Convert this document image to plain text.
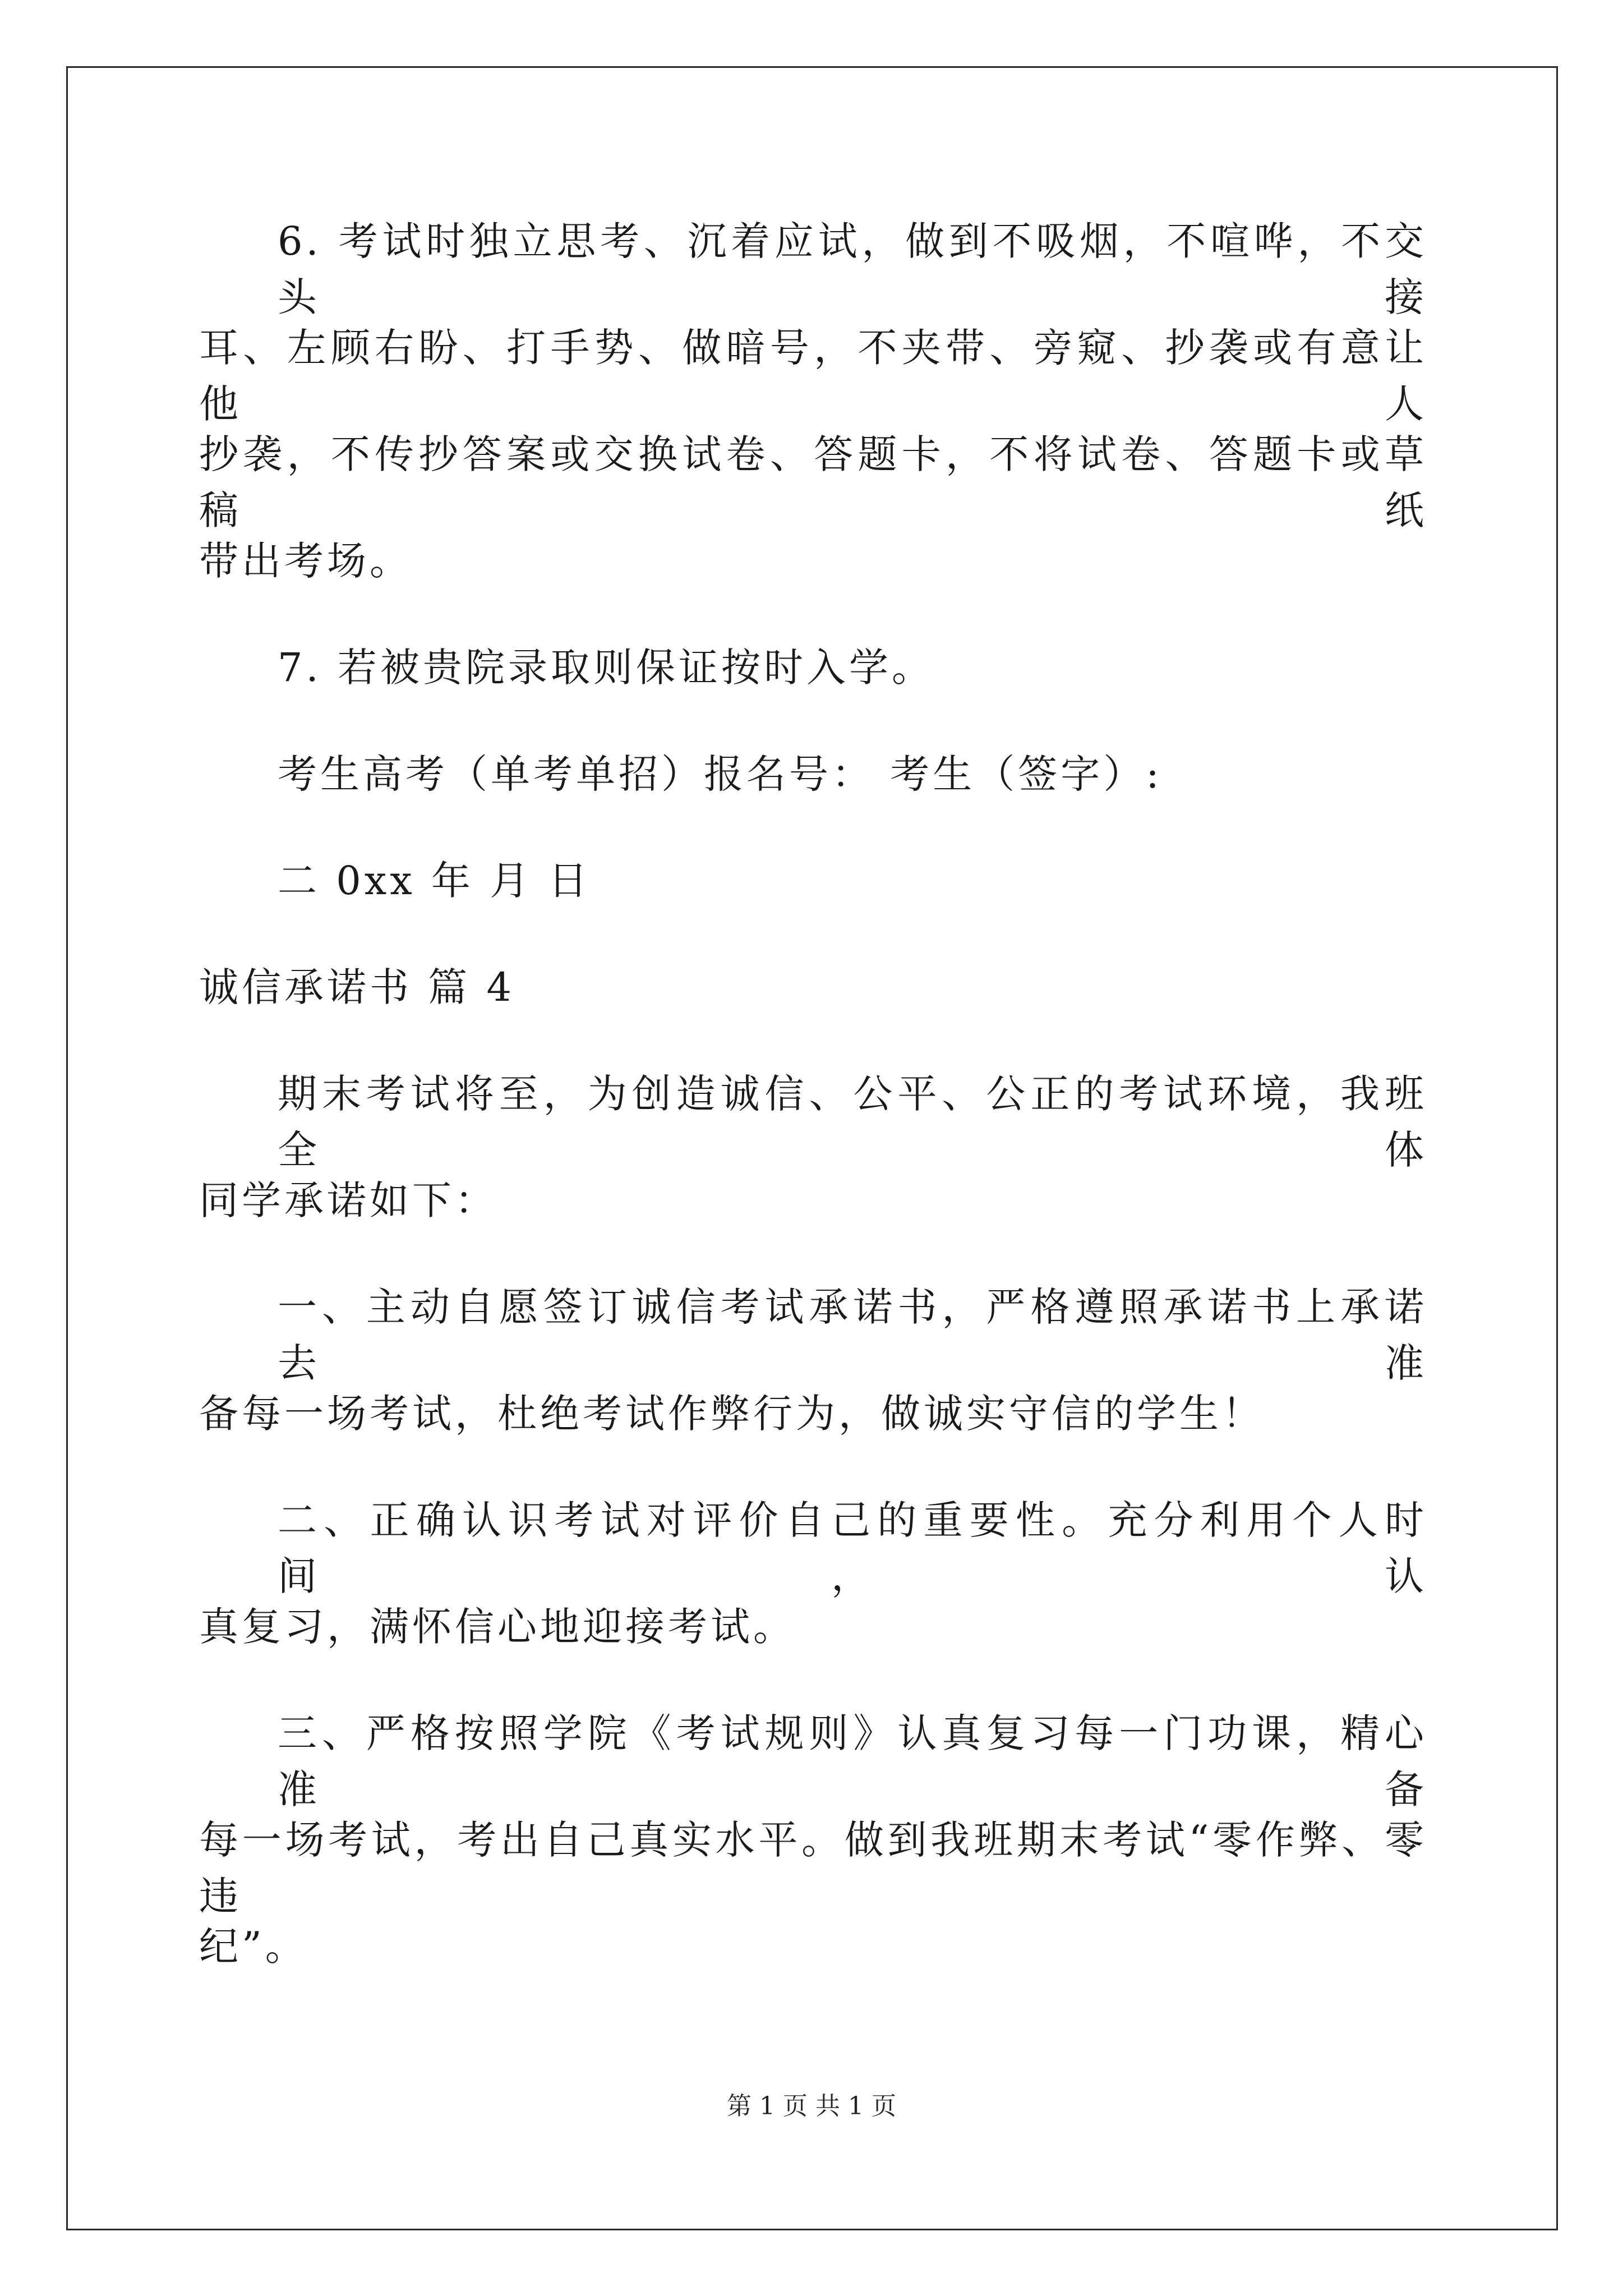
6. 考试时独立思考、沉着应试，做到不吸烟，不喧哗，不交头接
耳、左顾右盼、打手势、做暗号，不夹带、旁窥、抄袭或有意让他人
抄袭，不传抄答案或交换试卷、答题卡，不将试卷、答题卡或草稿纸
带出考场。
7. 若被贵院录取则保证按时入学。
考生高考（单考单招）报名号： 考生（签字）:
二 0xx 年 月 日
诚信承诺书 篇 4
期末考试将至，为创造诚信、公平、公正的考试环境，我班全体
同学承诺如下：
一、主动自愿签订诚信考试承诺书，严格遵照承诺书上承诺去准
备每一场考试，杜绝考试作弊行为，做诚实守信的学生！
二、正确认识考试对评价自己的重要性。充分利用个人时间，认
真复习，满怀信心地迎接考试。
三、严格按照学院《考试规则》认真复习每一门功课，精心准备
每一场考试，考出自己真实水平。做到我班期末考试“零作弊、零违
纪”。
第 1 页 共 1 页
